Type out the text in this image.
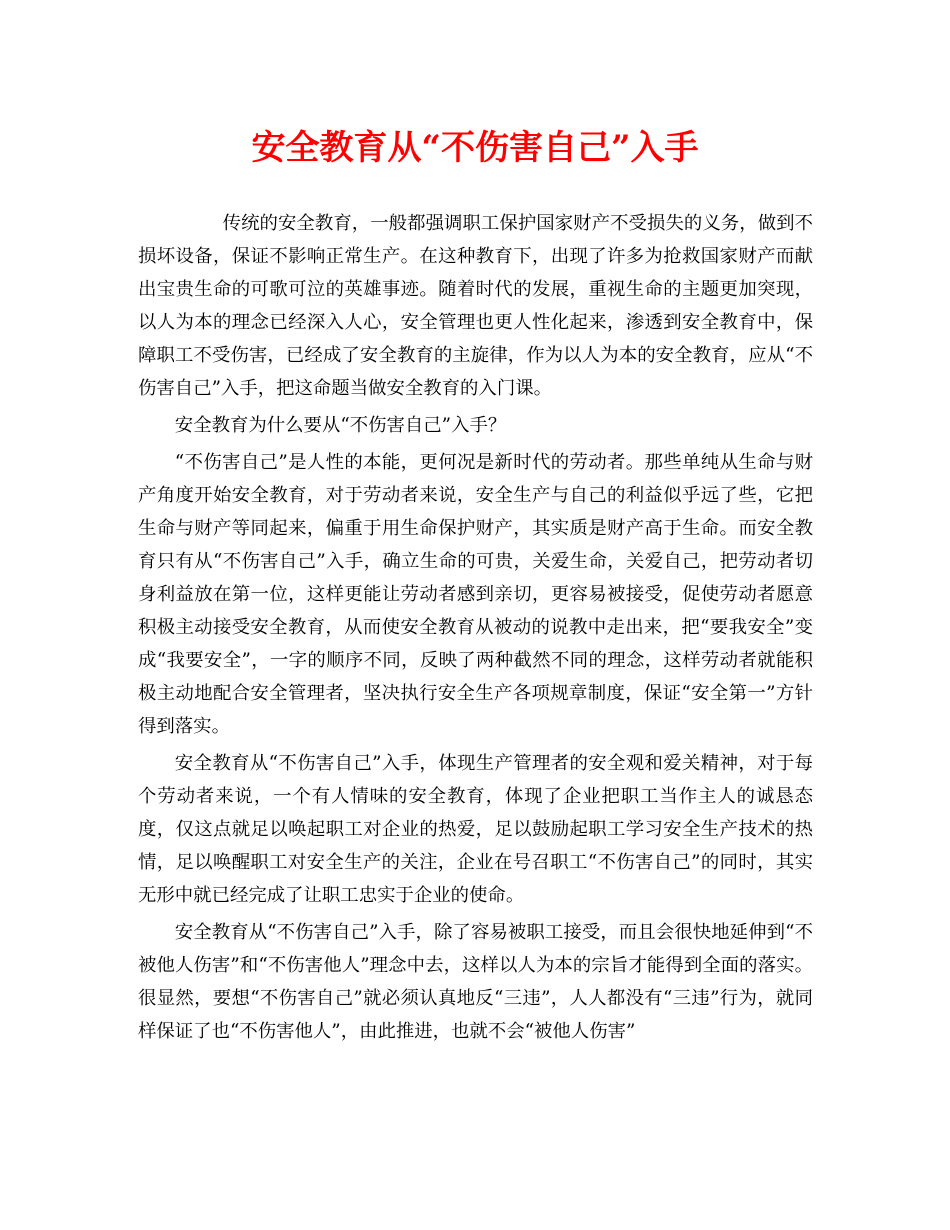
安全教育从“不伤害自己”入手

传统的安全教育，一般都强调职工保护国家财产不受损失的义务，做到不损坏设备，保证不影响正常生产。在这种教育下，出现了许多为抢救国家财产而献出宝贵生命的可歌可泣的英雄事迹。随着时代的发展，重视生命的主题更加突现，以人为本的理念已经深入人心，安全管理也更人性化起来，渗透到安全教育中，保障职工不受伤害，已经成了安全教育的主旋律，作为以人为本的安全教育，应从“不伤害自己”入手，把这命题当做安全教育的入门课。

安全教育为什么要从“不伤害自己”入手？

“不伤害自己”是人性的本能，更何况是新时代的劳动者。那些单纯从生命与财产角度开始安全教育，对于劳动者来说，安全生产与自己的利益似乎远了些，它把生命与财产等同起来，偏重于用生命保护财产，其实质是财产高于生命。而安全教育只有从“不伤害自己”入手，确立生命的可贵，关爱生命，关爱自己，把劳动者切身利益放在第一位，这样更能让劳动者感到亲切，更容易被接受，促使劳动者愿意积极主动接受安全教育，从而使安全教育从被动的说教中走出来，把“要我安全”变成“我要安全”，一字的顺序不同，反映了两种截然不同的理念，这样劳动者就能积极主动地配合安全管理者，坚决执行安全生产各项规章制度，保证“安全第一”方针得到落实。

安全教育从“不伤害自己”入手，体现生产管理者的安全观和爱关精神，对于每个劳动者来说，一个有人情味的安全教育，体现了企业把职工当作主人的诚恳态度，仅这点就足以唤起职工对企业的热爱，足以鼓励起职工学习安全生产技术的热情，足以唤醒职工对安全生产的关注，企业在号召职工“不伤害自己”的同时，其实无形中就已经完成了让职工忠实于企业的使命。

安全教育从“不伤害自己”入手，除了容易被职工接受，而且会很快地延伸到“不被他人伤害”和“不伤害他人”理念中去，这样以人为本的宗旨才能得到全面的落实。很显然，要想“不伤害自己”就必须认真地反“三违”，人人都没有“三违”行为，就同样保证了也“不伤害他人”，由此推进，也就不会“被他人伤害”
